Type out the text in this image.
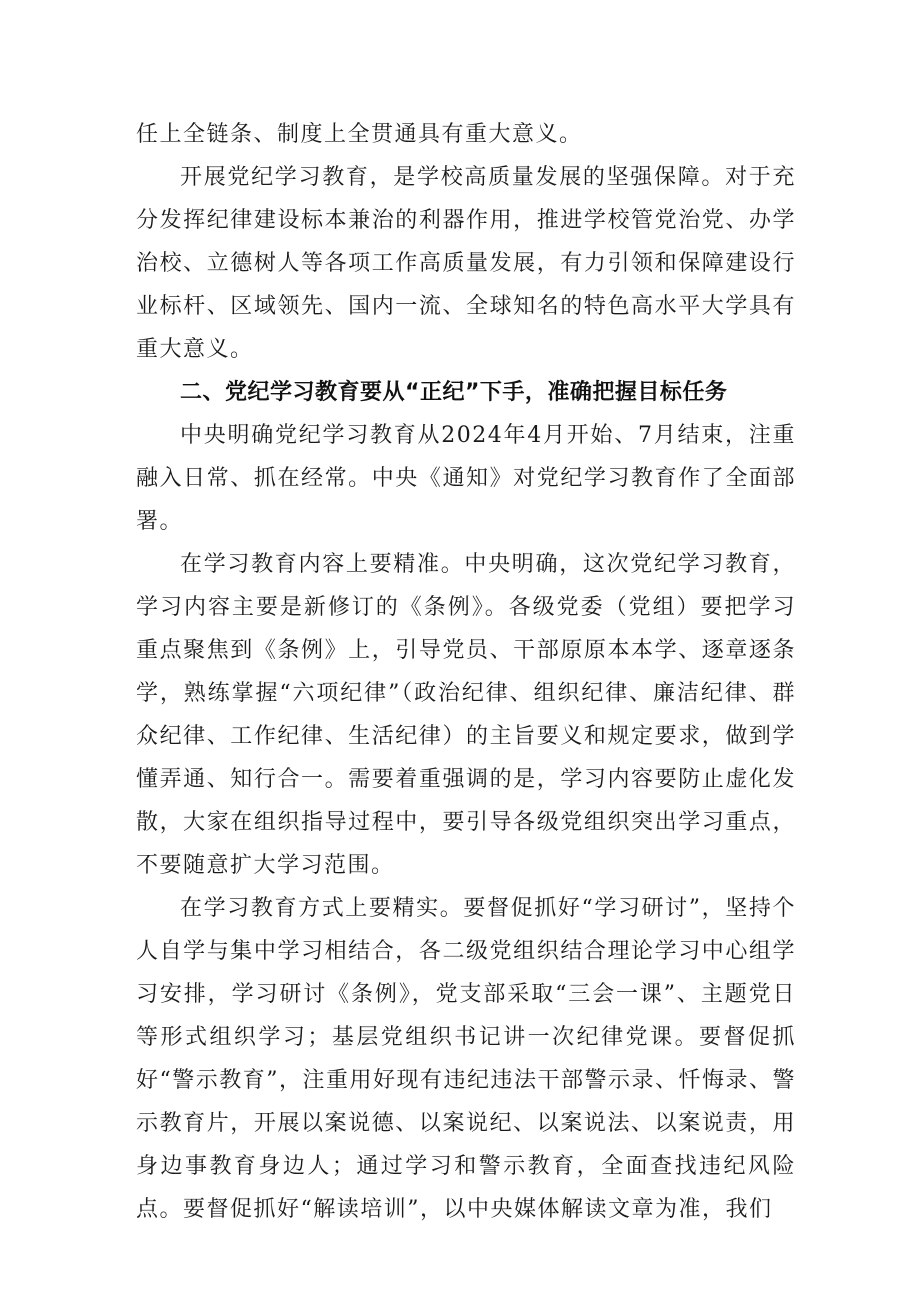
任上全链条、制度上全贯通具有重大意义。

开展党纪学习教育，是学校高质量发展的坚强保障。对于充分发挥纪律建设标本兼治的利器作用，推进学校管党治党、办学治校、立德树人等各项工作高质量发展，有力引领和保障建设行业标杆、区域领先、国内一流、全球知名的特色高水平大学具有重大意义。

二、党纪学习教育要从“正纪”下手，准确把握目标任务

中央明确党纪学习教育从2024年4月开始、7月结束，注重融入日常、抓在经常。中央《通知》对党纪学习教育作了全面部署。

在学习教育内容上要精准。中央明确，这次党纪学习教育，学习内容主要是新修订的《条例》。各级党委（党组）要把学习重点聚焦到《条例》上，引导党员、干部原原本本学、逐章逐条学，熟练掌握“六项纪律”（政治纪律、组织纪律、廉洁纪律、群众纪律、工作纪律、生活纪律）的主旨要义和规定要求，做到学懂弄通、知行合一。需要着重强调的是，学习内容要防止虚化发散，大家在组织指导过程中，要引导各级党组织突出学习重点，不要随意扩大学习范围。

在学习教育方式上要精实。要督促抓好“学习研讨”，坚持个人自学与集中学习相结合，各二级党组织结合理论学习中心组学习安排，学习研讨《条例》，党支部采取“三会一课”、主题党日等形式组织学习；基层党组织书记讲一次纪律党课。要督促抓好“警示教育”，注重用好现有违纪违法干部警示录、忏悔录、警示教育片，开展以案说德、以案说纪、以案说法、以案说责，用身边事教育身边人；通过学习和警示教育，全面查找违纪风险点。要督促抓好“解读培训”，以中央媒体解读文章为准，我们
